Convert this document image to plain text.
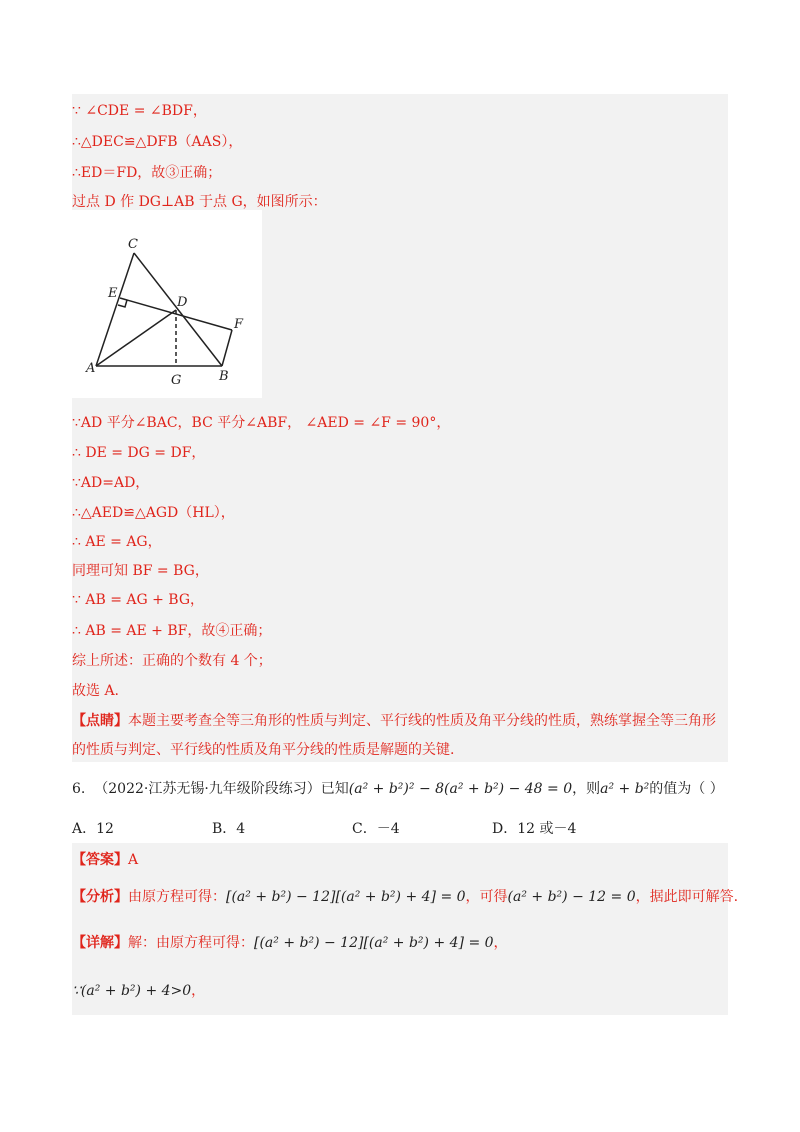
∵ ∠CDE = ∠BDF，
∴△DEC≌△DFB（AAS），
∴ED＝FD，故③正确；
过点 D 作 DG⊥AB 于点 G，如图所示：
C
E
D
F
A
G	B
∵AD 平分∠BAC，BC 平分∠ABF， ∠AED = ∠F = 90°，
∴ DE = DG = DF，
∵AD=AD，
∴△AED≌△AGD（HL），
∴ AE = AG，
同理可知 BF = BG，
∵ AB = AG + BG，
∴ AB = AE + BF，故④正确；
综上所述：正确的个数有 4 个；
故选 A.
【点睛】本题主要考查全等三角形的性质与判定、平行线的性质及角平分线的性质，熟练掌握全等三角形
的性质与判定、平行线的性质及角平分线的性质是解题的关键.
6. （2022·江苏无锡·九年级阶段练习）已知(a² + b²)² − 8(a² + b²) − 48 = 0，则a² + b²的值为（ ）
A．12	B．4	C．－4	D．12 或－4
【答案】A
【分析】由原方程可得：[(a² + b²) − 12][(a² + b²) + 4] = 0，可得(a² + b²) − 12 = 0，据此即可解答.
【详解】解：由原方程可得：[(a² + b²) − 12][(a² + b²) + 4] = 0，
∵(a² + b²) + 4>0，
